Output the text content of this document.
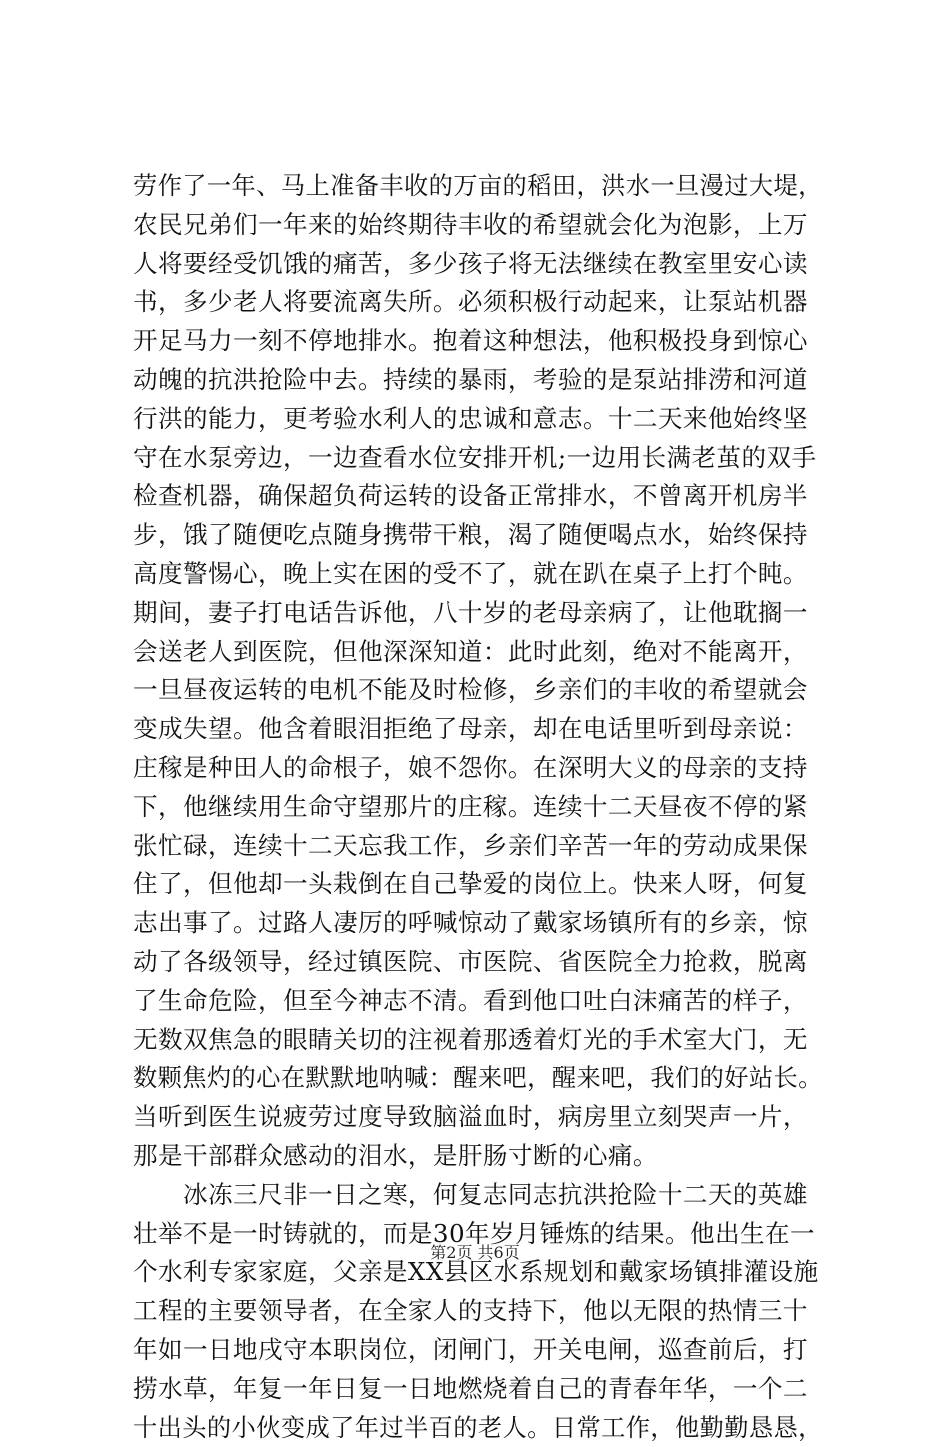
劳作了一年、马上准备丰收的万亩的稻田，洪水一旦漫过大堤，
农民兄弟们一年来的始终期待丰收的希望就会化为泡影，上万
人将要经受饥饿的痛苦，多少孩子将无法继续在教室里安心读
书，多少老人将要流离失所。必须积极行动起来，让泵站机器
开足马力一刻不停地排水。抱着这种想法，他积极投身到惊心
动魄的抗洪抢险中去。持续的暴雨，考验的是泵站排涝和河道
行洪的能力，更考验水利人的忠诚和意志。十二天来他始终坚
守在水泵旁边，一边查看水位安排开机;一边用长满老茧的双手
检查机器，确保超负荷运转的设备正常排水，不曾离开机房半
步，饿了随便吃点随身携带干粮，渴了随便喝点水，始终保持
高度警惕心，晚上实在困的受不了，就在趴在桌子上打个盹。
期间，妻子打电话告诉他，八十岁的老母亲病了，让他耽搁一
会送老人到医院，但他深深知道：此时此刻，绝对不能离开，
一旦昼夜运转的电机不能及时检修，乡亲们的丰收的希望就会
变成失望。他含着眼泪拒绝了母亲，却在电话里听到母亲说：
庄稼是种田人的命根子，娘不怨你。在深明大义的母亲的支持
下，他继续用生命守望那片的庄稼。连续十二天昼夜不停的紧
张忙碌，连续十二天忘我工作，乡亲们辛苦一年的劳动成果保
住了，但他却一头栽倒在自己挚爱的岗位上。快来人呀，何复
志出事了。过路人凄厉的呼喊惊动了戴家场镇所有的乡亲，惊
动了各级领导，经过镇医院、市医院、省医院全力抢救，脱离
了生命危险，但至今神志不清。看到他口吐白沫痛苦的样子，
无数双焦急的眼睛关切的注视着那透着灯光的手术室大门，无
数颗焦灼的心在默默地呐喊：醒来吧，醒来吧，我们的好站长。
当听到医生说疲劳过度导致脑溢血时，病房里立刻哭声一片，
那是干部群众感动的泪水，是肝肠寸断的心痛。
　　冰冻三尺非一日之寒，何复志同志抗洪抢险十二天的英雄
壮举不是一时铸就的，而是30年岁月锤炼的结果。他出生在一
个水利专家家庭，父亲是XX县区水系规划和戴家场镇排灌设施
工程的主要领导者，在全家人的支持下，他以无限的热情三十
年如一日地戌守本职岗位，闭闸门，开关电闸，巡查前后，打
捞水草，年复一年日复一日地燃烧着自己的青春年华，一个二
十出头的小伙变成了年过半百的老人。日常工作，他勤勤恳恳，
第2页 共6页
